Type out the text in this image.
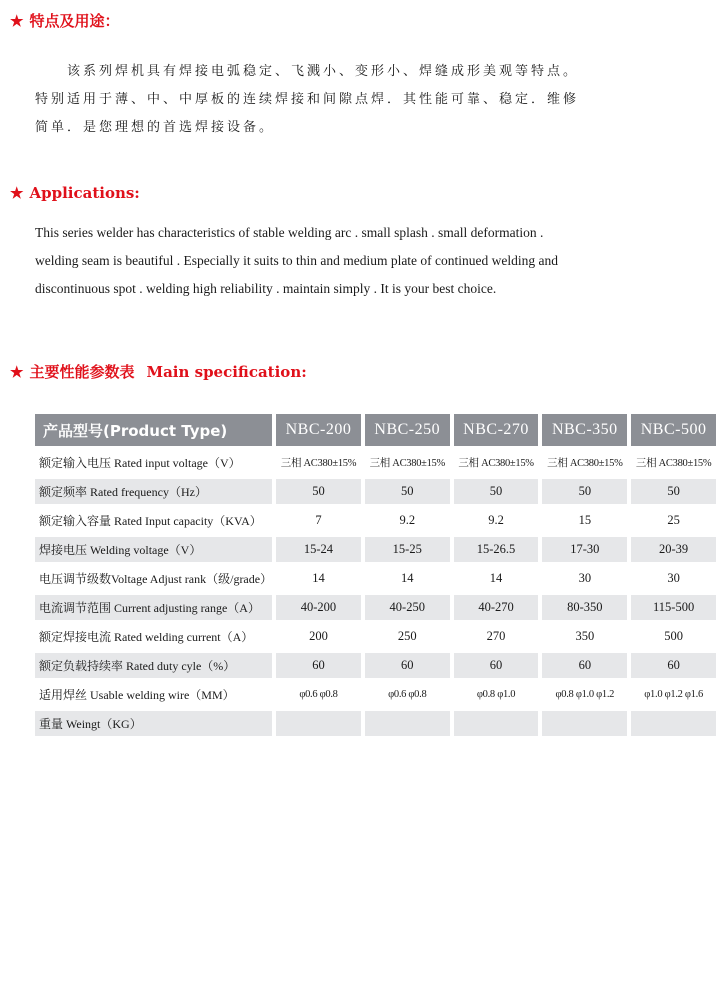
★ 特点及用途：
该系列焊机具有焊接电弧稳定、飞溅小、变形小、焊缝成形美观等特点。
特别适用于薄、中、中厚板的连续焊接和间隙点焊．其性能可靠、稳定．维修
简单．是您理想的首选焊接设备。
★ Applications:
This series welder has characteristics of stable welding arc . small splash . small deformation .
welding seam is beautiful . Especially it suits to thin and medium plate of continued welding and
discontinuous spot . welding high reliability . maintain simply . It is your best choice.
★ 主要性能参数表 Main specification:
产品型号(Product Type)	NBC-200	NBC-250	NBC-270	NBC-350	NBC-500
额定输入电压 Rated input voltage（V）	三相 AC380±15%	三相 AC380±15%	三相 AC380±15%	三相 AC380±15%	三相 AC380±15%
额定频率 Rated frequency（Hz）	50	50	50	50	50
额定输入容量 Rated Input capacity（KVA）	7	9.2	9.2	15	25
焊接电压 Welding voltage（V）	15-24	15-25	15-26.5	17-30	20-39
电压调节级数Voltage Adjust rank（级/grade）	14	14	14	30	30
电流调节范围 Current adjusting range（A）	40-200	40-250	40-270	80-350	115-500
额定焊接电流 Rated welding current（A）	200	250	270	350	500
额定负载持续率 Rated duty cyle（%）	60	60	60	60	60
适用焊丝 Usable welding wire（MM）	φ0.6 φ0.8	φ0.6 φ0.8	φ0.8 φ1.0	φ0.8 φ1.0 φ1.2	φ1.0 φ1.2 φ1.6
重量 Weingt（KG）					
